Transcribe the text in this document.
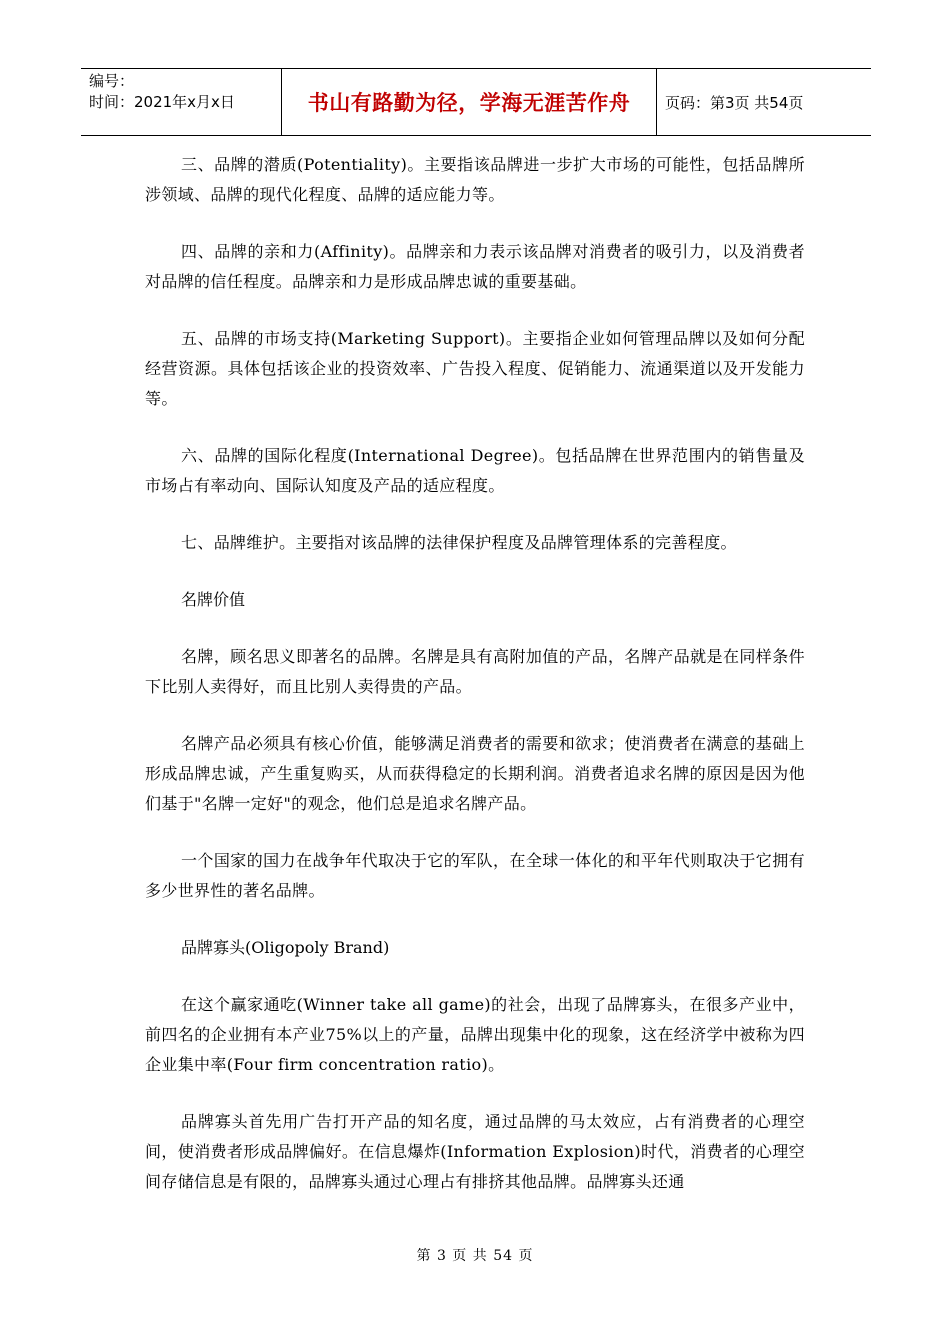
编号：
时间：2021年x月x日	书山有路勤为径，学海无涯苦作舟 页码：第3页 共54页

三、品牌的潜质(Potentiality)。主要指该品牌进一步扩大市场的可能性，包括品牌所涉领域、品牌的现代化程度、品牌的适应能力等。

四、品牌的亲和力(Affinity)。品牌亲和力表示该品牌对消费者的吸引力，以及消费者对品牌的信任程度。品牌亲和力是形成品牌忠诚的重要基础。

五、品牌的市场支持(Marketing Support)。主要指企业如何管理品牌以及如何分配经营资源。具体包括该企业的投资效率、广告投入程度、促销能力、流通渠道以及开发能力等。

六、品牌的国际化程度(International Degree)。包括品牌在世界范围内的销售量及市场占有率动向、国际认知度及产品的适应程度。

七、品牌维护。主要指对该品牌的法律保护程度及品牌管理体系的完善程度。

名牌价值

名牌，顾名思义即著名的品牌。名牌是具有高附加值的产品，名牌产品就是在同样条件下比别人卖得好，而且比别人卖得贵的产品。

名牌产品必须具有核心价值，能够满足消费者的需要和欲求；使消费者在满意的基础上形成品牌忠诚，产生重复购买，从而获得稳定的长期利润。消费者追求名牌的原因是因为他们基于"名牌一定好"的观念，他们总是追求名牌产品。

一个国家的国力在战争年代取决于它的军队，在全球一体化的和平年代则取决于它拥有多少世界性的著名品牌。

品牌寡头(Oligopoly Brand)

在这个赢家通吃(Winner take all game)的社会，出现了品牌寡头，在很多产业中，前四名的企业拥有本产业75%以上的产量，品牌出现集中化的现象，这在经济学中被称为四企业集中率(Four firm concentration ratio)。

品牌寡头首先用广告打开产品的知名度，通过品牌的马太效应，占有消费者的心理空间，使消费者形成品牌偏好。在信息爆炸(Information Explosion)时代，消费者的心理空间存储信息是有限的，品牌寡头通过心理占有排挤其他品牌。品牌寡头还通

第 3 页 共 54 页
